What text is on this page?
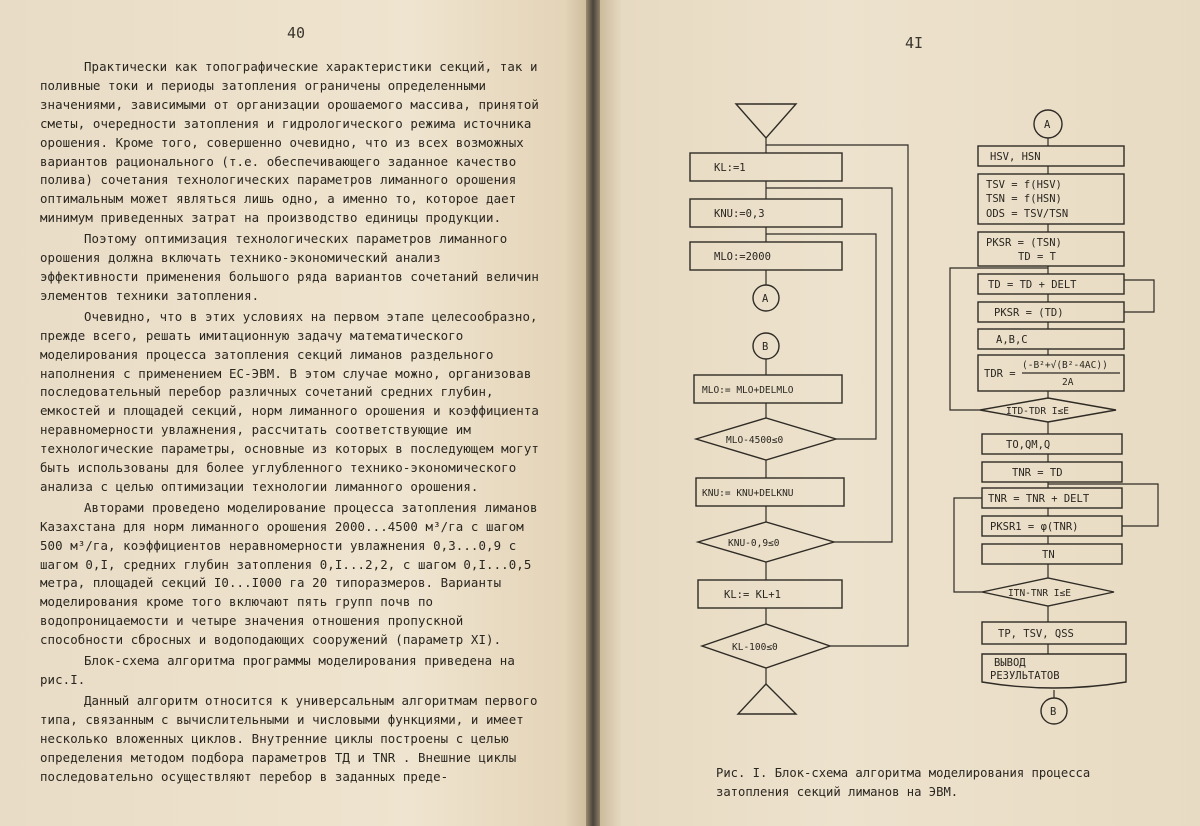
40
4I

Практически как топографические характеристики секций, так и поливные токи и периоды затопления ограничены определенными значениями, зависимыми от организации орошаемого массива, принятой сметы, очередности затопления и гидрологического режима источника орошения. Кроме того, совершенно очевидно, что из всех возможных вариантов рационального (т.е. обеспечивающего заданное качество полива) сочетания технологических параметров лиманного орошения оптимальным может являться лишь одно, а именно то, которое дает минимум приведенных затрат на производство единицы продукции.

Поэтому оптимизация технологических параметров лиманного орошения должна включать технико-экономический анализ эффективности применения большого ряда вариантов сочетаний величин элементов техники затопления.

Очевидно, что в этих условиях на первом этапе целесообразно, прежде всего, решать имитационную задачу математического моделирования процесса затопления секций лиманов раздельного наполнения с применением ЕС-ЭВМ. В этом случае можно, организовав последовательный перебор различных сочетаний средних глубин, емкостей и площадей секций, норм лиманного орошения и коэффициента неравномерности увлажнения, рассчитать соответствующие им технологические параметры, основные из которых в последующем могут быть использованы для более углубленного технико-экономического анализа с целью оптимизации технологии лиманного орошения.

Авторами проведено моделирование процесса затопления лиманов Казахстана для норм лиманного орошения 2000...4500 м³/га с шагом 500 м³/га, коэффициентов неравномерности увлажнения 0,3...0,9 с шагом 0,I, средних глубин затопления 0,I...2,2, с шагом 0,I...0,5 метра, площадей секций I0...I000 га 20 типоразмеров. Варианты моделирования кроме того включают пять групп почв по водопроницаемости и четыре значения отношения пропускной способности сбросных и водоподающих сооружений (параметр XI).

Блок-схема алгоритма программы моделирования приведена на рис.I.

Данный алгоритм относится к универсальным алгоритмам первого типа, связанным с вычислительными и числовыми функциями, и имеет несколько вложенных циклов. Внутренние циклы построены с целью определения методом подбора параметров ТД и TNR . Внешние циклы последовательно осуществляют перебор в заданных преде-

KL:=1
KNU:=0,3
MLO:=2000
A
B
MLO:= MLO+DELMLO
MLO-4500≤0
KNU:= KNU+DELKNU
KNU-0,9≤0
KL:= KL+1
KL-100≤0
A
HSV, HSN
TSV = f(HSV)
TSN = f(HSN)
ODS = TSV/TSN
PKSR = (TSN)
TD = T
TD = TD + DELT
PKSR = (TD)
A,B,C
TDR =
(-B²+√(B²-4AC))
2A
ITD-TDR I≤E
TO,QM,Q
TNR = TD
TNR = TNR + DELT
PKSR1 = φ(TNR)
TN
ITN-TNR I≤E
TP, TSV, QSS
ВЫВОД
РЕЗУЛЬТАТОВ
B
Рис. I. Блок-схема алгоритма моделирования процесса затопления секций лиманов на ЭВМ.
